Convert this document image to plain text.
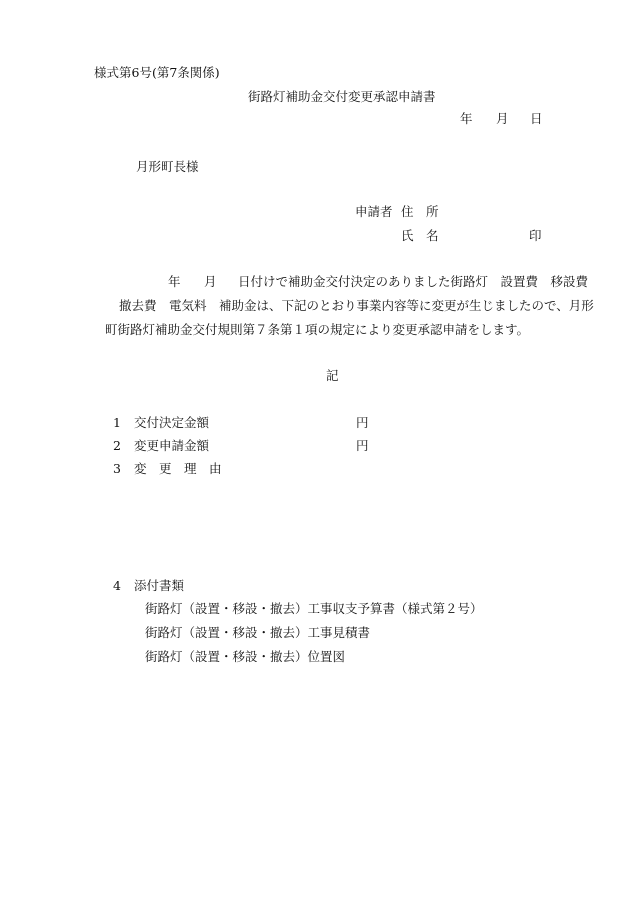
様式第6号(第7条関係)
街路灯補助金交付変更承認申請書
年 月 日
月形町長様
申請者 住　所
氏　名	印
年 月 日付けで補助金交付決定のありました街路灯　設置費　移設費
撤去費　電気料　補助金は、下記のとおり事業内容等に変更が生じましたので、月形
町街路灯補助金交付規則第７条第１項の規定により変更承認申請をします。
記
1 交付決定金額	円
2 変更申請金額	円
3 変　更　理　由
4 添付書類
街路灯（設置・移設・撤去）工事収支予算書（様式第２号）
街路灯（設置・移設・撤去）工事見積書
街路灯（設置・移設・撤去）位置図
